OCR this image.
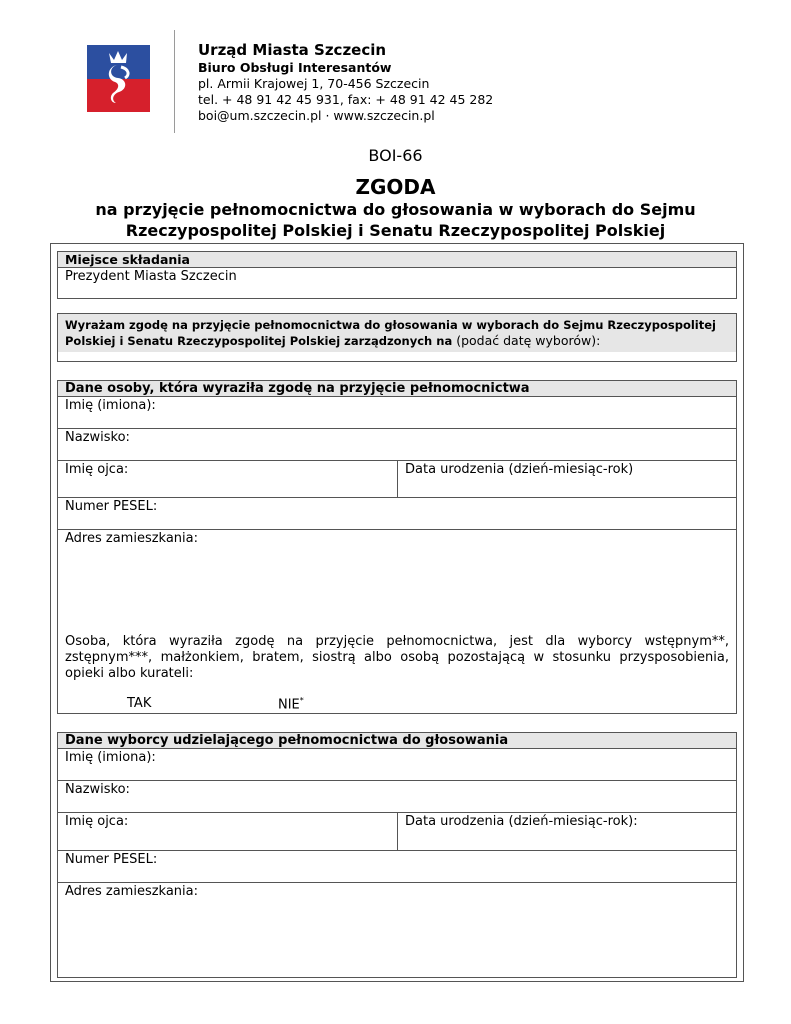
Urząd Miasta Szczecin
Biuro Obsługi Interesantów
pl. Armii Krajowej 1, 70-456 Szczecin
tel. + 48 91 42 45 931, fax: + 48 91 42 45 282
boi@um.szczecin.pl · www.szczecin.pl
BOI-66
ZGODA
na przyjęcie pełnomocnictwa do głosowania w wyborach do Sejmu Rzeczypospolitej Polskiej i Senatu Rzeczypospolitej Polskiej
Miejsce składania
Prezydent Miasta Szczecin
Wyrażam zgodę na przyjęcie pełnomocnictwa do głosowania w wyborach do Sejmu Rzeczypospolitej Polskiej i Senatu Rzeczypospolitej Polskiej zarządzonych na (podać datę wyborów):
Dane osoby, która wyraziła zgodę na przyjęcie pełnomocnictwa
Imię (imiona):
Nazwisko:
Imię ojca:	Data urodzenia (dzień-miesiąc-rok)
Numer PESEL:
Adres zamieszkania:
Osoba, która wyraziła zgodę na przyjęcie pełnomocnictwa, jest dla wyborcy wstępnym**, zstępnym***, małżonkiem, bratem, siostrą albo osobą pozostającą w stosunku przysposobienia, opieki albo kurateli:
TAK	NIE*
Dane wyborcy udzielającego pełnomocnictwa do głosowania
Imię (imiona):
Nazwisko:
Imię ojca:	Data urodzenia (dzień-miesiąc-rok):
Numer PESEL:
Adres zamieszkania:
